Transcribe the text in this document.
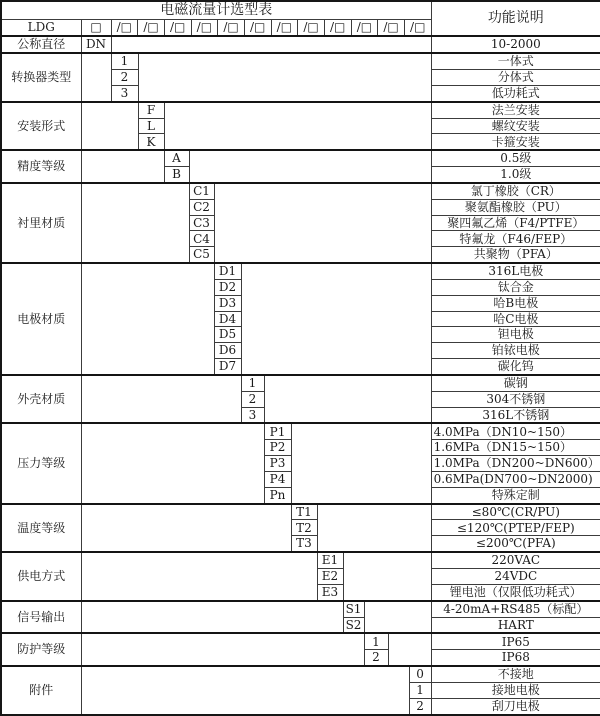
电磁流量计选型表															功能说明
LDG	□	/□ /□ /□ /□ /□ /□ /□ /□ /□ /□ /□ /□

公称直径	DN														10-2000
转换器类型		1													一体式
		2													分体式
		3													低功耗式
安装形式			F												法兰安装
			L												螺纹安装
			K												卡箍安装
精度等级				A											0.5级
				B											1.0级
衬里材质					C1										氯丁橡胶（CR）
					C2										聚氨酯橡胶（PU）
					C3										聚四氟乙烯（F4/PTFE）
					C4										特氟龙（F46/FEP）
					C5										共聚物（PFA）
电极材质						D1									316L电极
						D2									钛合金
						D3									哈B电极
						D4									哈C电极
						D5									钽电极
						D6									铂铱电极
						D7									碳化钨
外壳材质							1								碳钢
							2								304不锈钢
							3								316L不锈钢
压力等级								P1							4.0MPa（DN10~150）
								P2							1.6MPa（DN15~150）
								P3							1.0MPa（DN200~DN600）
								P4							0.6MPa(DN700~DN2000)
								Pn							特殊定制
温度等级									T1						≤80℃(CR/PU)
									T2						≤120℃(PTEP/FEP)
									T3						≤200℃(PFA)
供电方式										E1					220VAC
										E2					24VDC
										E3					锂电池（仅限低功耗式）
信号输出											S1				4-20mA+RS485（标配）
											S2				HART
防护等级												1			IP65
												2			IP68
附件														0	不接地
														1	接地电极
														2	刮刀电极
